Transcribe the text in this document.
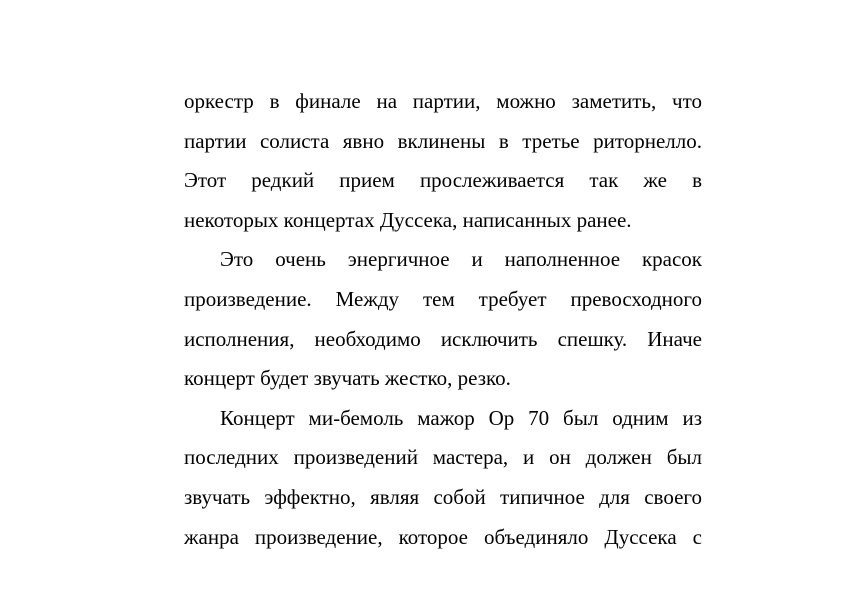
оркестр в финале на партии, можно заметить, что
партии солиста явно вклинены в третье риторнелло.
Этот редкий прием прослеживается так же в
некоторых концертах Дуссека, написанных ранее.
Это очень энергичное и наполненное красок
произведение. Между тем требует превосходного
исполнения, необходимо исключить спешку. Иначе
концерт будет звучать жестко, резко.
Концерт ми-бемоль мажор Op 70 был одним из
последних произведений мастера, и он должен был
звучать эффектно, являя собой типичное для своего
жанра произведение, которое объединяло Дуссека с
